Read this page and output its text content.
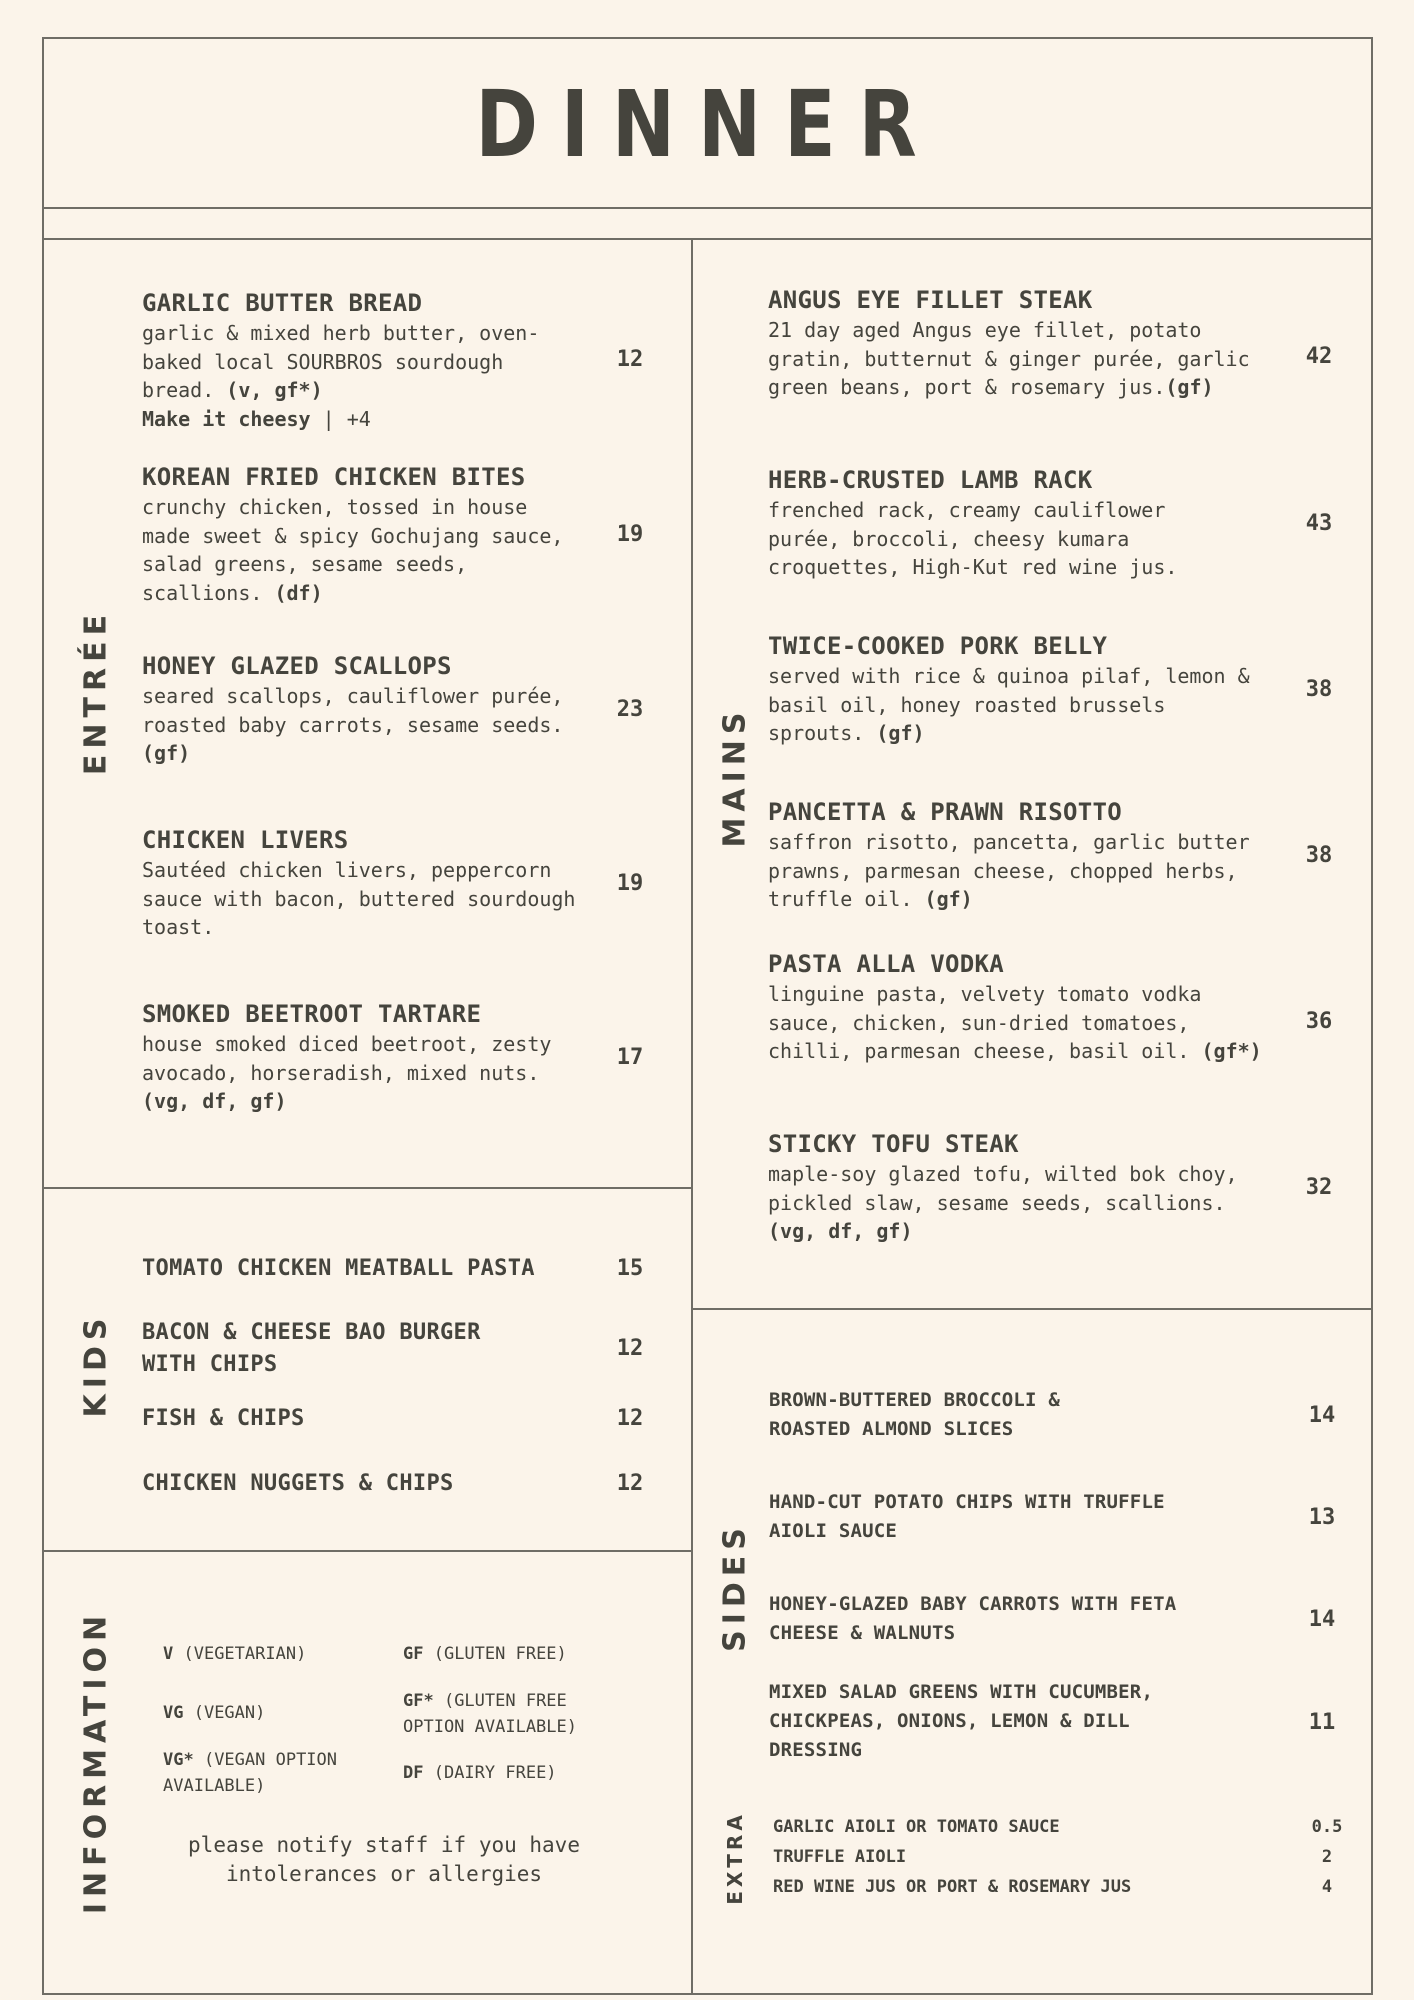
DINNER
ENTRÉE
KIDS
INFORMATION
MAINS
SIDES
EXTRA
GARLIC BUTTER BREAD
garlic & mixed herb butter, oven-baked local SOURBROS sourdough bread. (v, gf*)
Make it cheesy | +4
12
KOREAN FRIED CHICKEN BITES
crunchy chicken, tossed in house made sweet & spicy Gochujang sauce, salad greens, sesame seeds, scallions. (df)
19
HONEY GLAZED SCALLOPS
seared scallops, cauliflower purée, roasted baby carrots, sesame seeds. (gf)
23
CHICKEN LIVERS
Sautéed chicken livers, peppercorn sauce with bacon, buttered sourdough toast.
19
SMOKED BEETROOT TARTARE
house smoked diced beetroot, zesty avocado, horseradish, mixed nuts. (vg, df, gf)
17
TOMATO CHICKEN MEATBALL PASTA	15
BACON & CHEESE BAO BURGER WITH CHIPS
12
FISH & CHIPS	12
CHICKEN NUGGETS & CHIPS	12
V (VEGETARIAN)	GF (GLUTEN FREE)
VG (VEGAN)
GF* (GLUTEN FREE OPTION AVAILABLE)
VG* (VEGAN OPTION AVAILABLE)
DF (DAIRY FREE)
please notify staff if you have intolerances or allergies
ANGUS EYE FILLET STEAK
21 day aged Angus eye fillet, potato gratin, butternut & ginger purée, garlic green beans, port & rosemary jus.(gf)
42
HERB-CRUSTED LAMB RACK
frenched rack, creamy cauliflower purée, broccoli, cheesy kumara croquettes, High-Kut red wine jus.
43
TWICE-COOKED PORK BELLY
served with rice & quinoa pilaf, lemon & basil oil, honey roasted brussels sprouts. (gf)
38
PANCETTA & PRAWN RISOTTO
saffron risotto, pancetta, garlic butter prawns, parmesan cheese, chopped herbs, truffle oil. (gf)
38
PASTA ALLA VODKA
linguine pasta, velvety tomato vodka sauce, chicken, sun-dried tomatoes, chilli, parmesan cheese, basil oil. (gf*)
36
STICKY TOFU STEAK
maple-soy glazed tofu, wilted bok choy, pickled slaw, sesame seeds, scallions. (vg, df, gf)
32
BROWN-BUTTERED BROCCOLI & ROASTED ALMOND SLICES
14
HAND-CUT POTATO CHIPS WITH TRUFFLE AIOLI SAUCE
13
HONEY-GLAZED BABY CARROTS WITH FETA CHEESE & WALNUTS
14
MIXED SALAD GREENS WITH CUCUMBER, CHICKPEAS, ONIONS, LEMON & DILL DRESSING
11
GARLIC AIOLI OR TOMATO SAUCE	0.5
TRUFFLE AIOLI	2
RED WINE JUS OR PORT & ROSEMARY JUS	4
